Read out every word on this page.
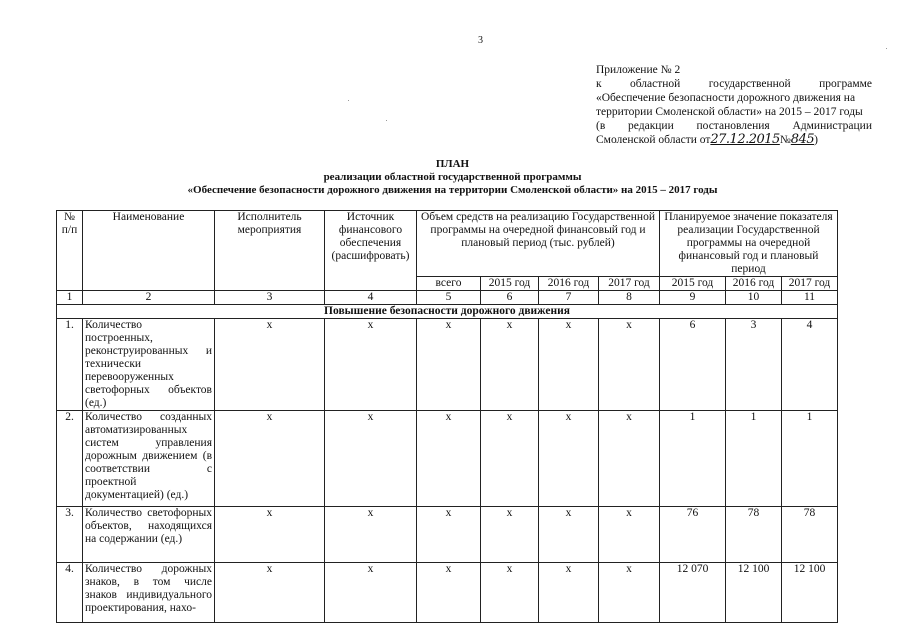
3
Приложение № 2
к областной государственной программе
«Обеспечение безопасности дорожного движения на
территории Смоленской области» на 2015 – 2017 годы
(в редакции постановления Администрации
Смоленской области от27.12.2015№845)
ПЛАН
реализации областной государственной программы
«Обеспечение безопасности дорожного движения на территории Смоленской области» на 2015 – 2017 годы
№ п/п	Наименование	Исполнитель мероприятия	Источник финансового обеспечения (расшифровать)	Объем средств на реализацию Государственной программы на очередной финансовый год и плановый период (тыс. рублей)				Планируемое значение показателя реализации Государственной программы на очередной финансовый год и плановый период		
				всего	2015 год	2016 год	2017 год	2015 год	2016 год	2017 год
1	2	3	4	5	6	7	8	9	10	11
Повышение безопасности дорожного движения										
1.	Количество построенных, реконструированных и технически перевооруженных светофорных объектов (ед.)	х	х	х	х	х	х	6	3	4
2.	Количество созданных автоматизированных систем управления дорожным движением (в соответствии с проектной документацией) (ед.)	х	х	х	х	х	х	1	1	1
3.	Количество светофорных объектов, находящихся на содержании (ед.)	х	х	х	х	х	х	76	78	78
4.	Количество дорожных знаков, в том числе знаков индивидуального проектирования, нахо-	х	х	х	х	х	х	12 070	12 100	12 100
